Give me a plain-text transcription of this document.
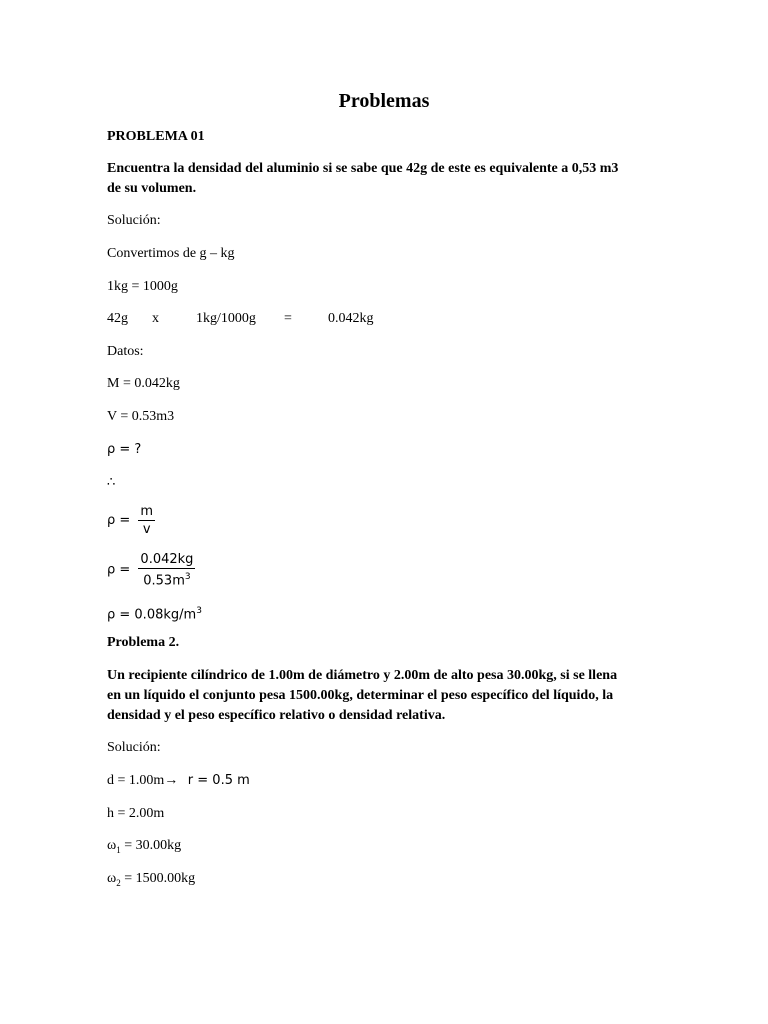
Problemas
PROBLEMA 01
Encuentra la densidad del aluminio si se sabe que 42g de este es equivalente a 0,53 m3
de su volumen.
Solución:
Convertimos de g – kg
1kg = 1000g
42g x	1kg/1000g =	0.042kg
Datos:
M = 0.042kg
V = 0.53m3
ρ = ?
∴
$\rho = \frac{m}{v}$
$\rho = \frac{0.042kg}{0.53m^3}$
$\rho = 0.08kg/m^3$
Problema 2.
Un recipiente cilíndrico de 1.00m de diámetro y 2.00m de alto pesa 30.00kg, si se llena
en un líquido el conjunto pesa 1500.00kg, determinar el peso específico del líquido, la
densidad y el peso específico relativo o densidad relativa.
Solución:
d = 1.00m→ r = 0.5 m
h = 2.00m
$\omega_1 = 30.00kg$
$\omega_2 = 1500.00kg$
